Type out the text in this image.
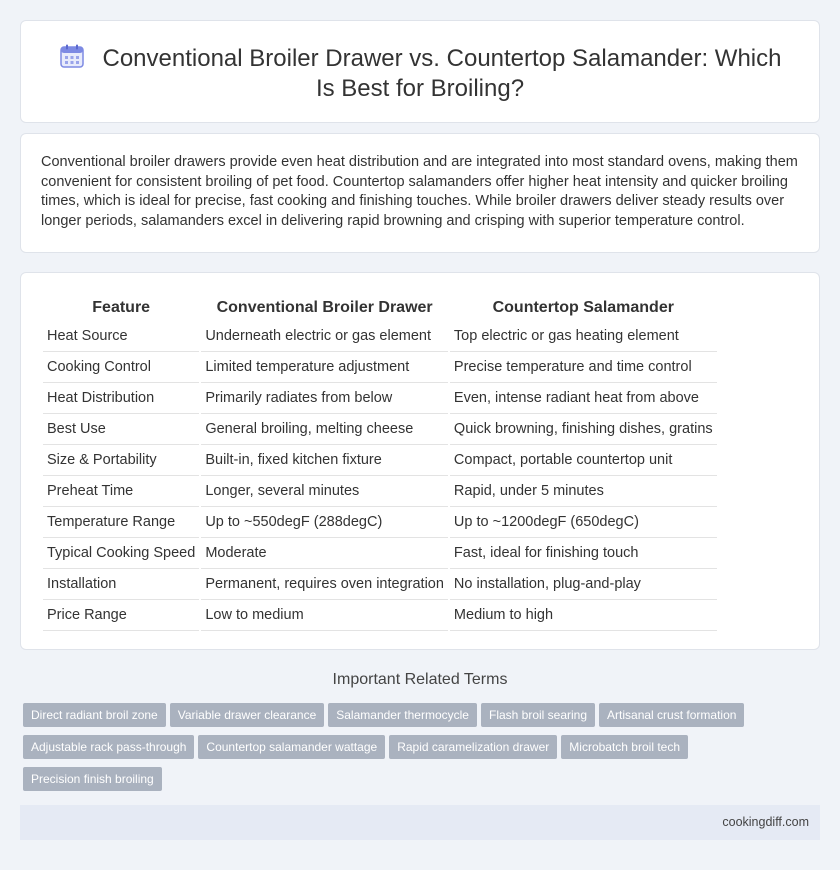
Conventional Broiler Drawer vs. Countertop Salamander: Which Is Best for Broiling?
Conventional broiler drawers provide even heat distribution and are integrated into most standard ovens, making them convenient for consistent broiling of pet food. Countertop salamanders offer higher heat intensity and quicker broiling times, which is ideal for precise, fast cooking and finishing touches. While broiler drawers deliver steady results over longer periods, salamanders excel in delivering rapid browning and crisping with superior temperature control.
Feature	Conventional Broiler Drawer	Countertop Salamander
Heat Source	Underneath electric or gas element	Top electric or gas heating element
Cooking Control	Limited temperature adjustment	Precise temperature and time control
Heat Distribution	Primarily radiates from below	Even, intense radiant heat from above
Best Use	General broiling, melting cheese	Quick browning, finishing dishes, gratins
Size & Portability	Built-in, fixed kitchen fixture	Compact, portable countertop unit
Preheat Time	Longer, several minutes	Rapid, under 5 minutes
Temperature Range	Up to ~550degF (288degC)	Up to ~1200degF (650degC)
Typical Cooking Speed	Moderate	Fast, ideal for finishing touch
Installation	Permanent, requires oven integration	No installation, plug-and-play
Price Range	Low to medium	Medium to high
Important Related Terms
Direct radiant broil zone Variable drawer clearance Salamander thermocycle Flash broil searing Artisanal crust formation
Adjustable rack pass-through Countertop salamander wattage Rapid caramelization drawer Microbatch broil tech
Precision finish broiling
cookingdiff.com
